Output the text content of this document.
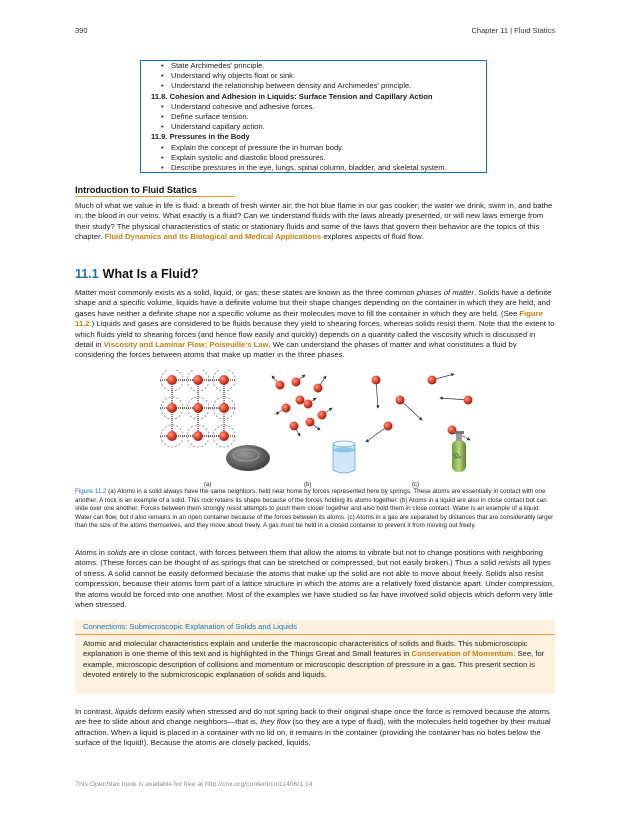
390	Chapter 11 | Fluid Statics
• State Archimedes' principle.
• Understand why objects float or sink.
• Understand the relationship between density and Archimedes' principle.
11.8. Cohesion and Adhesion in Liquids: Surface Tension and Capillary Action
• Understand cohesive and adhesive forces.
• Define surface tension.
• Understand capillary action.
11.9. Pressures in the Body
• Explain the concept of pressure the in human body.
• Explain systolic and diastolic blood pressures.
• Describe pressures in the eye, lungs, spinal column, bladder, and skeletal system.
Introduction to Fluid Statics
Much of what we value in life is fluid: a breath of fresh winter air; the hot blue flame in our gas cooker; the water we drink, swim in, and bathe in; the blood in our veins. What exactly is a fluid? Can we understand fluids with the laws already presented, or will new laws emerge from their study? The physical characteristics of static or stationary fluids and some of the laws that govern their behavior are the topics of this chapter. Fluid Dynamics and Its Biological and Medical Applications explores aspects of fluid flow.
11.1 What Is a Fluid?
Matter most commonly exists as a solid, liquid, or gas; these states are known as the three common phases of matter. Solids have a definite shape and a specific volume, liquids have a definite volume but their shape changes depending on the container in which they are held, and gases have neither a definite shape nor a specific volume as their molecules move to fill the container in which they are held. (See Figure 11.2.) Liquids and gases are considered to be fluids because they yield to shearing forces, whereas solids resist them. Note that the extent to which fluids yield to shearing forces (and hence flow easily and quickly) depends on a quantity called the viscosity which is discussed in detail in Viscosity and Laminar Flow; Poiseuille's Law. We can understand the phases of matter and what constitutes a fluid by considering the forces between atoms that make up matter in the three phases.
O₂
(a)	(b)	(c)
Figure 11.2 (a) Atoms in a solid always have the same neighbors, held near home by forces represented here by springs. These atoms are essentially in contact with one another. A rock is an example of a solid. This rock retains its shape because of the forces holding its atoms together. (b) Atoms in a liquid are also in close contact but can slide over one another. Forces between them strongly resist attempts to push them closer together and also hold them in close contact. Water is an example of a liquid. Water can flow, but it also remains in an open container because of the forces between its atoms. (c) Atoms in a gas are separated by distances that are considerably larger than the size of the atoms themselves, and they move about freely. A gas must be held in a closed container to prevent it from moving out freely.
Atoms in solids are in close contact, with forces between them that allow the atoms to vibrate but not to change positions with neighboring atoms. (These forces can be thought of as springs that can be stretched or compressed, but not easily broken.) Thus a solid resists all types of stress. A solid cannot be easily deformed because the atoms that make up the solid are not able to move about freely. Solids also resist compression, because their atoms form part of a lattice structure in which the atoms are a relatively fixed distance apart. Under compression, the atoms would be forced into one another. Most of the examples we have studied so far have involved solid objects which deform very little when stressed.
Connections: Submicroscopic Explanation of Solids and Liquids
Atomic and molecular characteristics explain and underlie the macroscopic characteristics of solids and fluids. This submicroscopic explanation is one theme of this text and is highlighted in the Things Great and Small features in Conservation of Momentum. See, for example, microscopic description of collisions and momentum or microscopic description of pressure in a gas. This present section is devoted entirely to the submicroscopic explanation of solids and liquids.
In contrast, liquids deform easily when stressed and do not spring back to their original shape once the force is removed because the atoms are free to slide about and change neighbors—that is, they flow (so they are a type of fluid), with the molecules held together by their mutual attraction. When a liquid is placed in a container with no lid on, it remains in the container (providing the container has no holes below the surface of the liquid!). Because the atoms are closely packed, liquids,
This OpenStax book is available for free at http://cnx.org/content/col11406/1.14
